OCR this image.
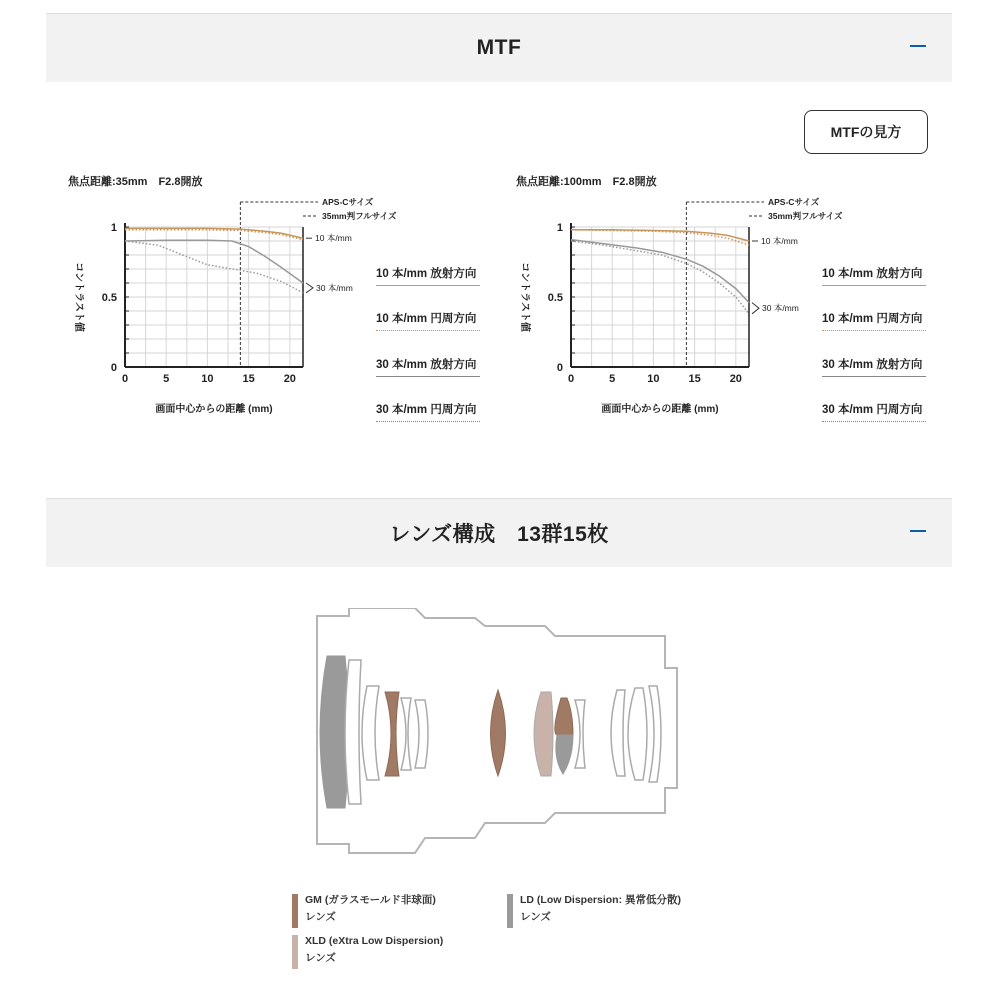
MTF
MTFの見方
焦点距離:35mm　F2.8開放
APS-Cサイズ
35mm判フルサイズ
10 本/mm
30 本/mm
0	5	10	15	20
0
0.5
1
画面中心からの距離 (mm)
コントラスト値
焦点距離:100mm　F2.8開放
APS-Cサイズ
35mm判フルサイズ
10 本/mm
30 本/mm
0	5	10	15	20
0
0.5
1
画面中心からの距離 (mm)
コントラスト値
10 本/mm 放射方向
10 本/mm 円周方向
30 本/mm 放射方向
30 本/mm 円周方向
10 本/mm 放射方向
10 本/mm 円周方向
30 本/mm 放射方向
30 本/mm 円周方向
レンズ構成　13群15枚
GM (ガラスモールド非球面)
レンズ
XLD (eXtra Low Dispersion)
レンズ
LD (Low Dispersion: 異常低分散)
レンズ
